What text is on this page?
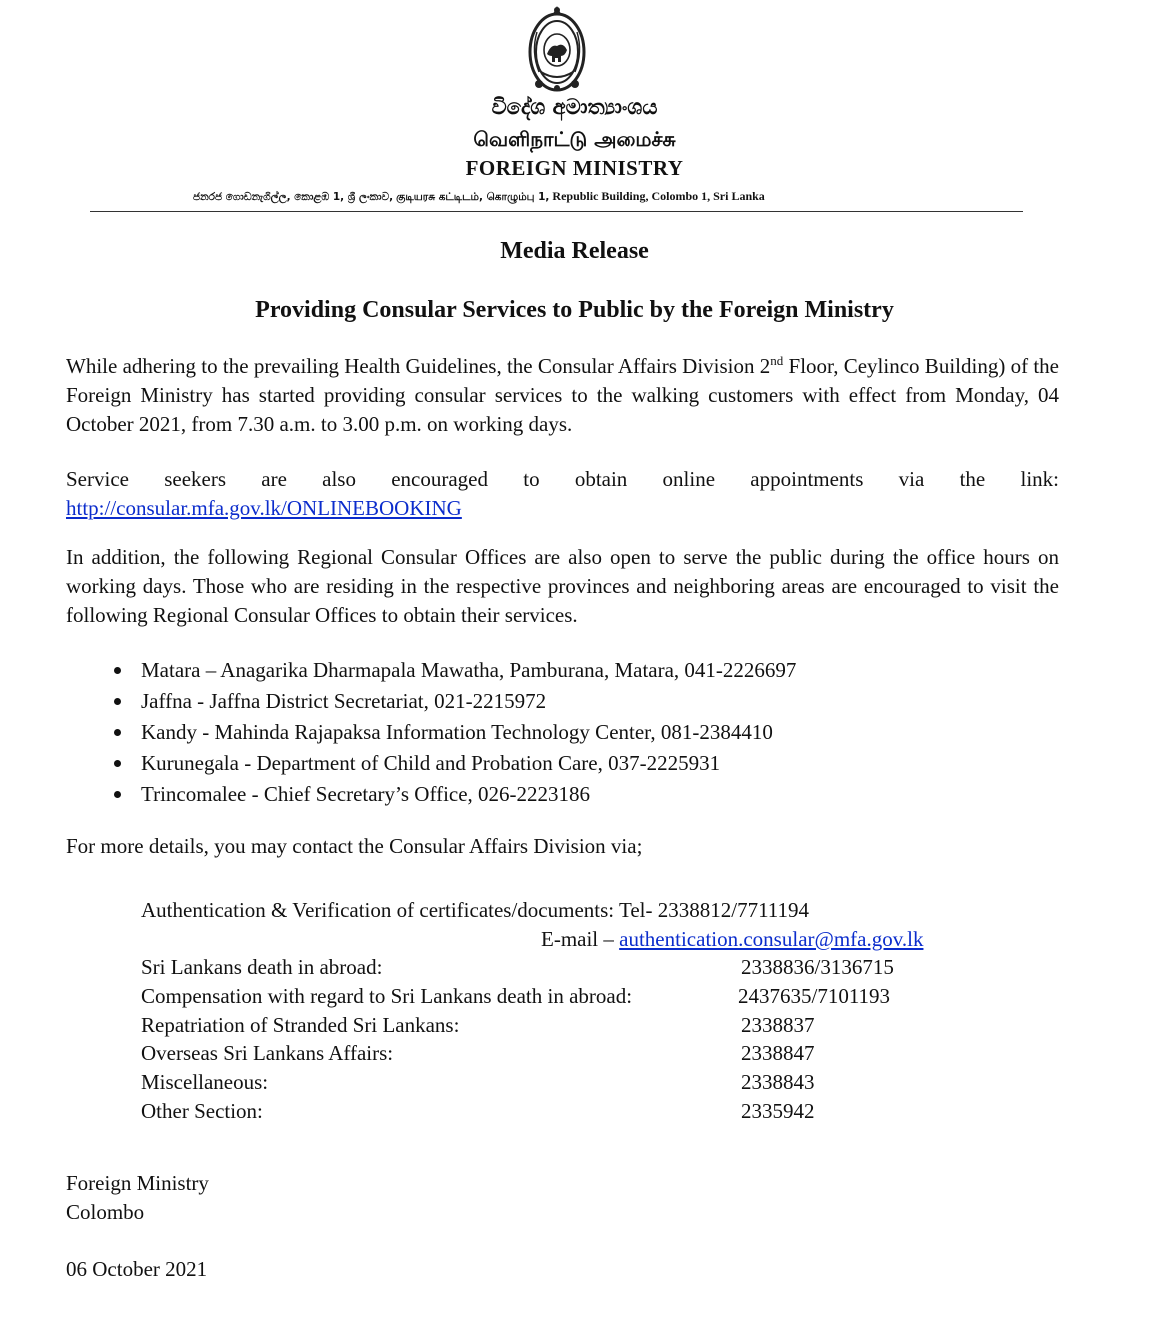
විදේශ අමාත්‍යාංශය
வெளிநாட்டு அமைச்சு
FOREIGN MINISTRY
ජනරජ ගොඩනැගිල්ල, කොළඹ 1, ශ්‍රී ලංකාව, குடியரசு கட்டிடம், கொழும்பு 1, Republic Building, Colombo 1, Sri Lanka
Media Release
Providing Consular Services to Public by the Foreign Ministry
While adhering to the prevailing Health Guidelines, the Consular Affairs Division 2nd Floor, Ceylinco Building) of the Foreign Ministry has started providing consular services to the walking customers with effect from Monday, 04 October 2021, from 7.30 a.m. to 3.00 p.m. on working days.
Service seekers are also encouraged to obtain online appointments via the link: http://consular.mfa.gov.lk/ONLINEBOOKING
In addition, the following Regional Consular Offices are also open to serve the public during the office hours on working days. Those who are residing in the respective provinces and neighboring areas are encouraged to visit the following Regional Consular Offices to obtain their services.
Matara – Anagarika Dharmapala Mawatha, Pamburana, Matara, 041-2226697
Jaffna - Jaffna District Secretariat, 021-2215972
Kandy - Mahinda Rajapaksa Information Technology Center, 081-2384410
Kurunegala - Department of Child and Probation Care, 037-2225931
Trincomalee - Chief Secretary’s Office, 026-2223186
For more details, you may contact the Consular Affairs Division via;
Authentication & Verification of certificates/documents: Tel- 2338812/7711194
E-mail – authentication.consular@mfa.gov.lk
Sri Lankans death in abroad:	2338836/3136715
Compensation with regard to Sri Lankans death in abroad:	2437635/7101193
Repatriation of Stranded Sri Lankans:	2338837
Overseas Sri Lankans Affairs:	2338847
Miscellaneous:	2338843
Other Section:	2335942
Foreign Ministry
Colombo
06 October 2021
